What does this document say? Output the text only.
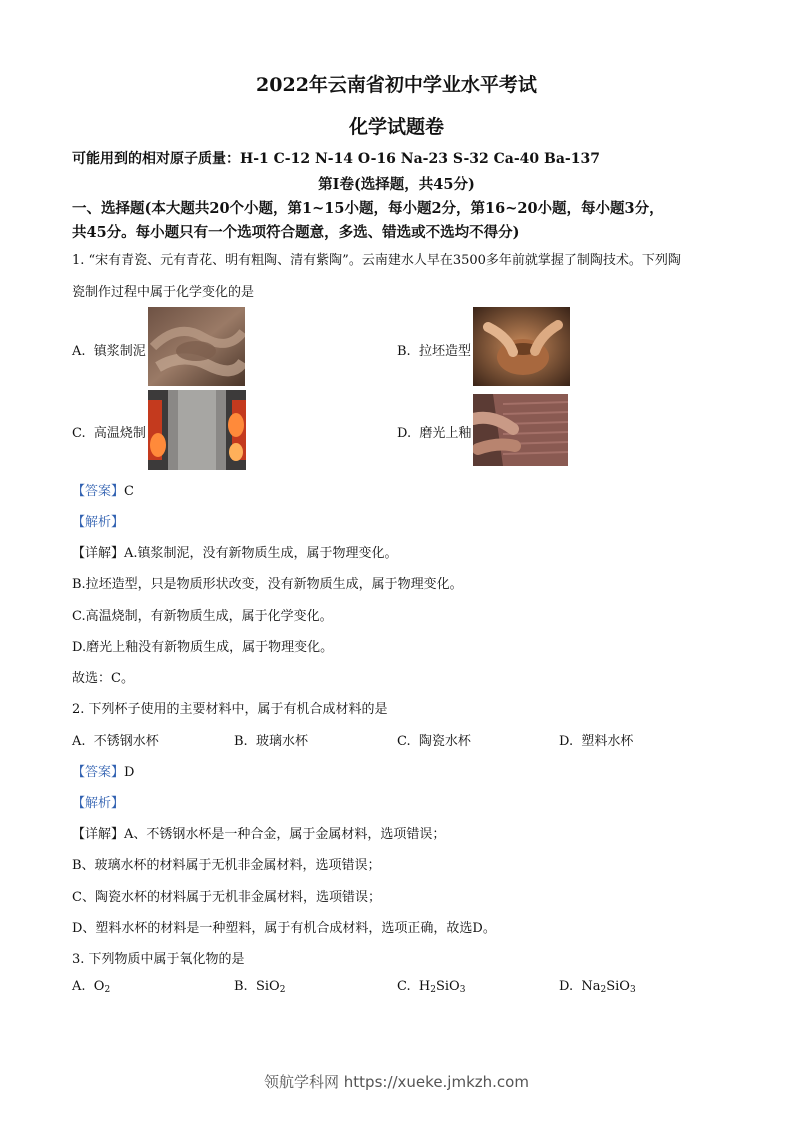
2022年云南省初中学业水平考试
化学试题卷
可能用到的相对原子质量：H-1 C-12 N-14 O-16 Na-23 S-32 Ca-40 Ba-137
第Ⅰ卷(选择题，共45分)
一、选择题(本大题共20个小题，第1~15小题，每小题2分，第16~20小题，每小题3分，
共45分。每小题只有一个选项符合题意，多选、错选或不选均不得分)
1. “宋有青瓷、元有青花、明有粗陶、清有紫陶”。云南建水人早在3500多年前就掌握了制陶技术。下列陶
瓷制作过程中属于化学变化的是
A. 镇浆制泥	B. 拉坯造型
C. 高温烧制	D. 磨光上釉
【答案】C
【解析】
【详解】A.镇浆制泥，没有新物质生成，属于物理变化。
B.拉坯造型，只是物质形状改变，没有新物质生成，属于物理变化。
C.高温烧制，有新物质生成，属于化学变化。
D.磨光上釉没有新物质生成，属于物理变化。
故选：C。
2. 下列杯子使用的主要材料中，属于有机合成材料的是
A. 不锈钢水杯	B. 玻璃水杯	C. 陶瓷水杯	D. 塑料水杯
【答案】D
【解析】
【详解】A、不锈钢水杯是一种合金，属于金属材料，选项错误；
B、玻璃水杯的材料属于无机非金属材料，选项错误；
C、陶瓷水杯的材料属于无机非金属材料，选项错误；
D、塑料水杯的材料是一种塑料，属于有机合成材料，选项正确，故选D。
3. 下列物质中属于氧化物的是
A. $O_2$	B. SiO$_2$	C. $H_2SiO_3$	D. $Na_2SiO_3$
领航学科网 https://xueke.jmkzh.com
